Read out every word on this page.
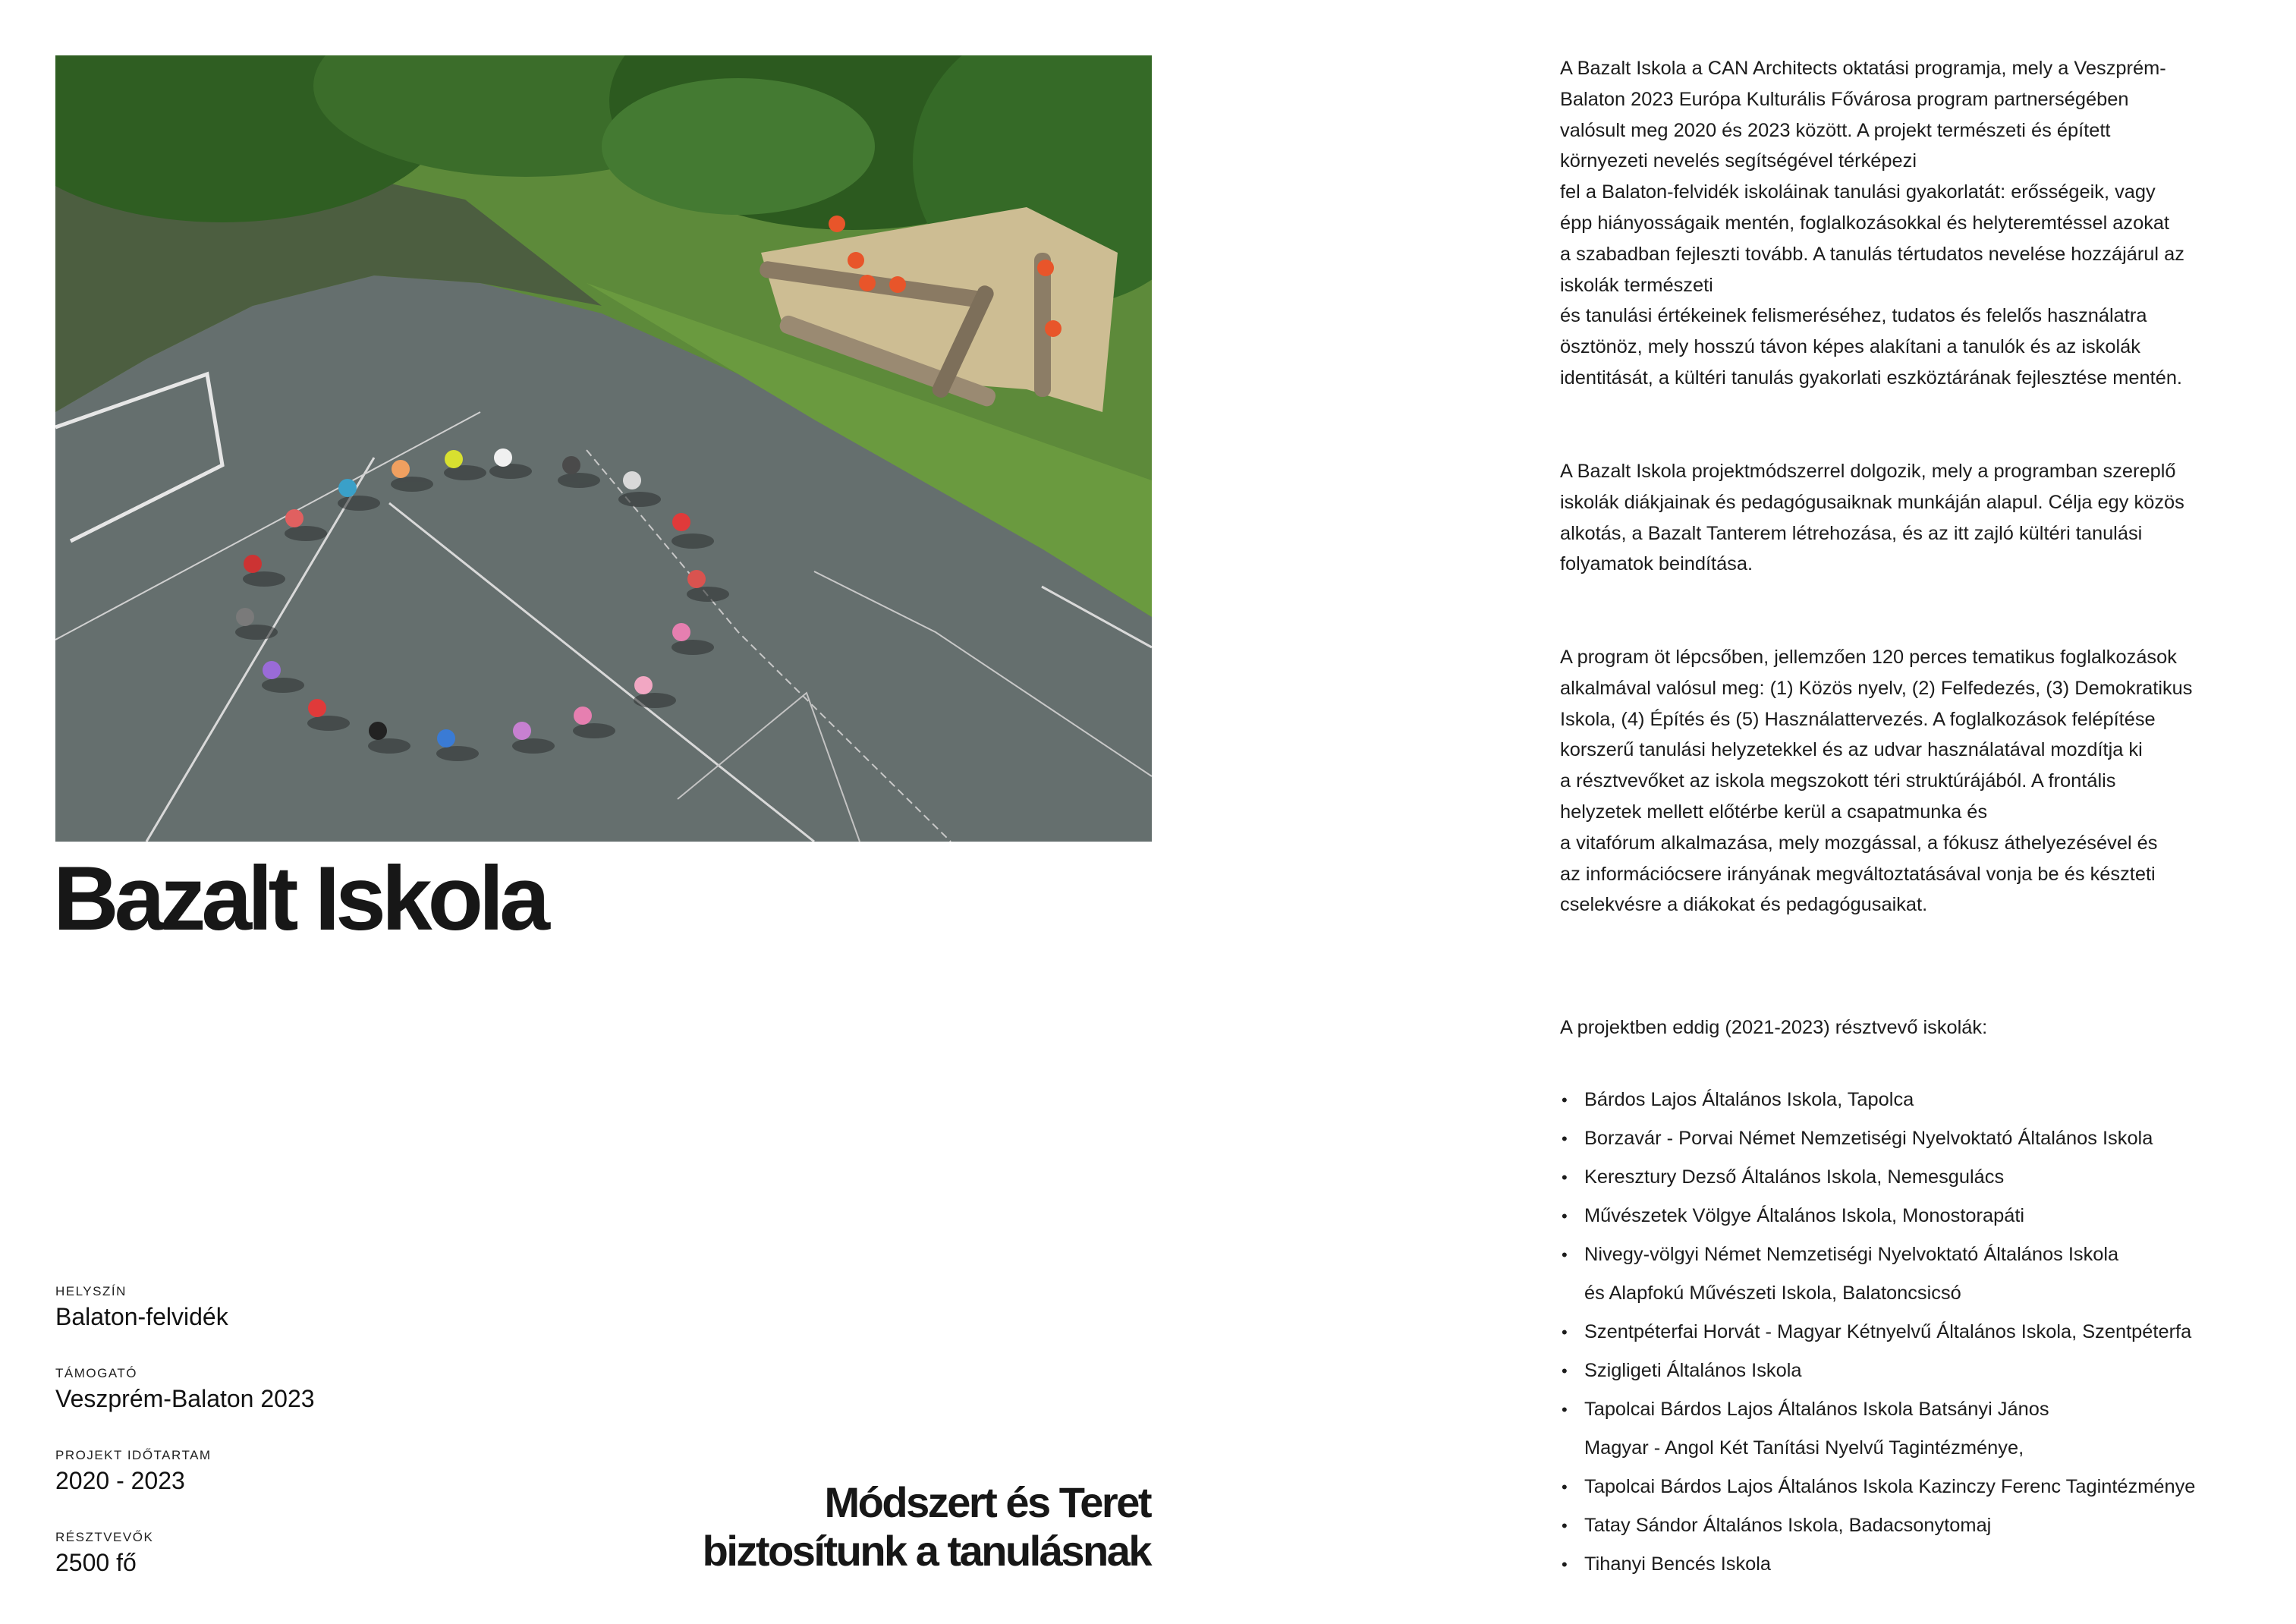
Bazalt Iskola
HELYSZÍN
Balaton-felvidék
TÁMOGATÓ
Veszprém-Balaton 2023
PROJEKT IDŐTARTAM
2020 - 2023
RÉSZTVEVŐK
2500 fő
Módszert és Teret
biztosítunk a tanulásnak

A Bazalt Iskola a CAN Architects oktatási programja, mely a Veszprém-
Balaton 2023 Európa Kulturális Fővárosa program partnerségében
valósult meg 2020 és 2023 között. A projekt természeti és épített
környezeti nevelés segítségével térképezi
fel a Balaton-felvidék iskoláinak tanulási gyakorlatát: erősségeik, vagy
épp hiányosságaik mentén, foglalkozásokkal és helyteremtéssel azokat
a szabadban fejleszti tovább. A tanulás tértudatos nevelése hozzájárul az
iskolák természeti
és tanulási értékeinek felismeréséhez, tudatos és felelős használatra
ösztönöz, mely hosszú távon képes alakítani a tanulók és az iskolák
identitását, a kültéri tanulás gyakorlati eszköztárának fejlesztése mentén.

A Bazalt Iskola projektmódszerrel dolgozik, mely a programban szereplő
iskolák diákjainak és pedagógusaiknak munkáján alapul. Célja egy közös
alkotás, a Bazalt Tanterem létrehozása, és az itt zajló kültéri tanulási
folyamatok beindítása.

A program öt lépcsőben, jellemzően 120 perces tematikus foglalkozások
alkalmával valósul meg: (1) Közös nyelv, (2) Felfedezés, (3) Demokratikus
Iskola, (4) Építés és (5) Használattervezés. A foglalkozások felépítése
korszerű tanulási helyzetekkel és az udvar használatával mozdítja ki
a résztvevőket az iskola megszokott téri struktúrájából. A frontális
helyzetek mellett előtérbe kerül a csapatmunka és
a vitafórum alkalmazása, mely mozgással, a fókusz áthelyezésével és
az információcsere irányának megváltoztatásával vonja be és készteti
cselekvésre a diákokat és pedagógusaikat.

A projektben eddig (2021-2023) résztvevő iskolák:

• Bárdos Lajos Általános Iskola, Tapolca
• Borzavár - Porvai Német Nemzetiségi Nyelvoktató Általános Iskola
• Keresztury Dezső Általános Iskola, Nemesgulács
• Művészetek Völgye Általános Iskola, Monostorapáti
• Nivegy-völgyi Német Nemzetiségi Nyelvoktató Általános Iskola
és Alapfokú Művészeti Iskola, Balatoncsicsó
• Szentpéterfai Horvát - Magyar Kétnyelvű Általános Iskola, Szentpéterfa
• Szigligeti Általános Iskola
• Tapolcai Bárdos Lajos Általános Iskola Batsányi János
Magyar - Angol Két Tanítási Nyelvű Tagintézménye,
• Tapolcai Bárdos Lajos Általános Iskola Kazinczy Ferenc Tagintézménye
• Tatay Sándor Általános Iskola, Badacsonytomaj
• Tihanyi Bencés Iskola
